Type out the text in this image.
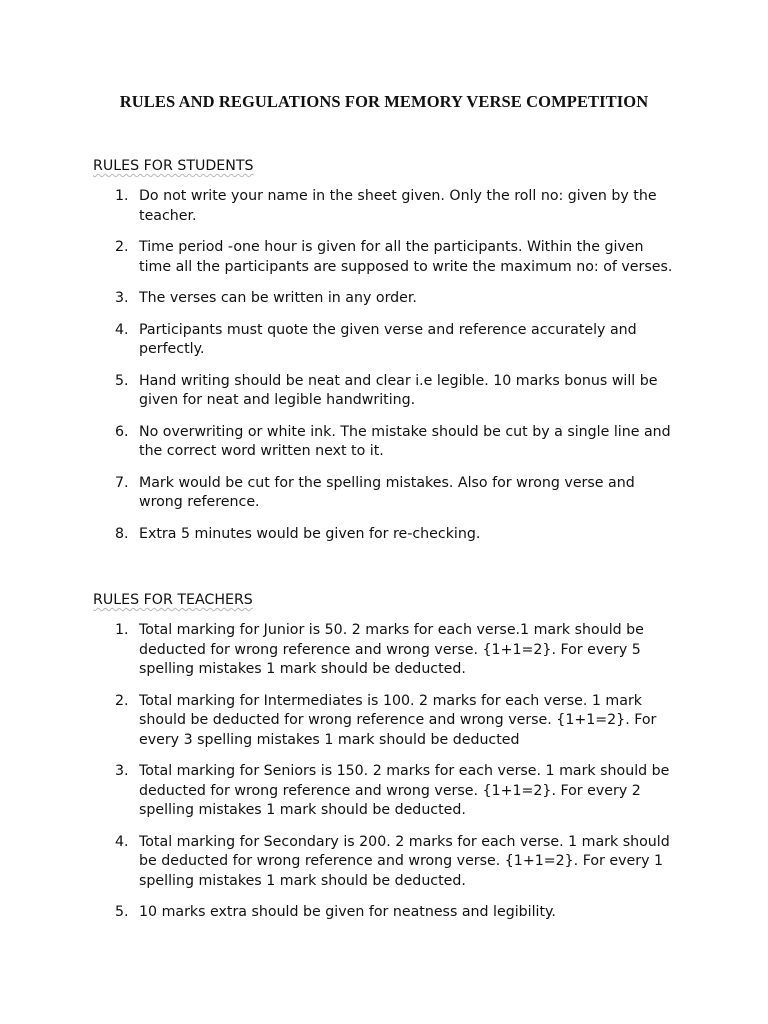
RULES AND REGULATIONS FOR MEMORY VERSE COMPETITION
RULES FOR STUDENTS
1. Do not write your name in the sheet given. Only the roll no: given by the teacher.
2. Time period -one hour is given for all the participants. Within the given time all the participants are supposed to write the maximum no: of verses.
3. The verses can be written in any order.
4. Participants must quote the given verse and reference accurately and perfectly.
5. Hand writing should be neat and clear i.e legible. 10 marks bonus will be given for neat and legible handwriting.
6. No overwriting or white ink. The mistake should be cut by a single line and the correct word written next to it.
7. Mark would be cut for the spelling mistakes. Also for wrong verse and wrong reference.
8. Extra 5 minutes would be given for re-checking.
RULES FOR TEACHERS
1. Total marking for Junior is 50. 2 marks for each verse.1 mark should be deducted for wrong reference and wrong verse. {1+1=2}. For every 5 spelling mistakes 1 mark should be deducted.
2. Total marking for Intermediates is 100. 2 marks for each verse. 1 mark should be deducted for wrong reference and wrong verse. {1+1=2}. For every 3 spelling mistakes 1 mark should be deducted
3. Total marking for Seniors is 150. 2 marks for each verse. 1 mark should be deducted for wrong reference and wrong verse. {1+1=2}. For every 2 spelling mistakes 1 mark should be deducted.
4. Total marking for Secondary is 200. 2 marks for each verse. 1 mark should be deducted for wrong reference and wrong verse. {1+1=2}. For every 1 spelling mistakes 1 mark should be deducted.
5. 10 marks extra should be given for neatness and legibility.
